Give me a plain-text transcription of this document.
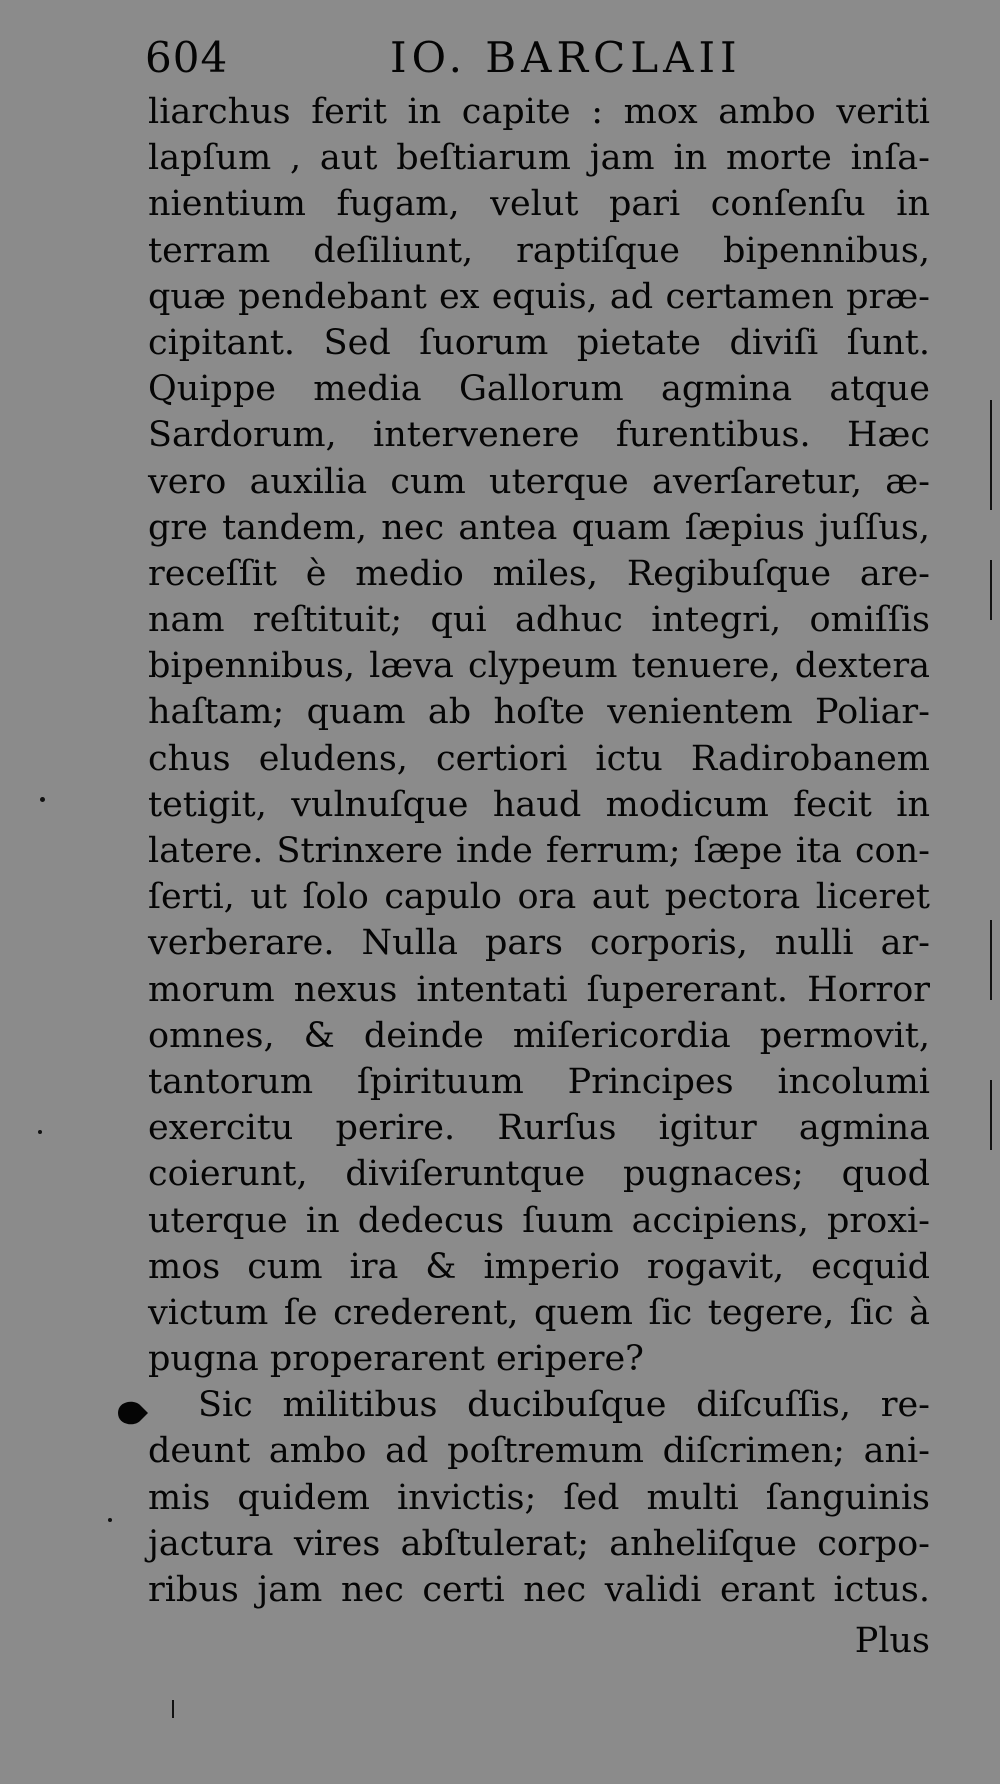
604	IO. BARCLAII
liarchus ferit in capite : mox ambo veriti
lapſum , aut beſtiarum jam in morte inſa-
nientium fugam, velut pari conſenſu in
terram deſiliunt, raptiſque bipennibus,
quæ pendebant ex equis, ad certamen præ-
cipitant. Sed ſuorum pietate diviſi ſunt.
Quippe media Gallorum agmina atque
Sardorum, intervenere furentibus. Hæc
vero auxilia cum uterque averſaretur, æ-
gre tandem, nec antea quam ſæpius juſſus,
receſſit è medio miles, Regibuſque are-
nam reſtituit; qui adhuc integri, omiſſis
bipennibus, læva clypeum tenuere, dextera
haſtam; quam ab hoſte venientem Poliar-
chus eludens, certiori ictu Radirobanem
tetigit, vulnuſque haud modicum fecit in
latere. Strinxere inde ferrum; ſæpe ita con-
ſerti, ut ſolo capulo ora aut pectora liceret
verberare. Nulla pars corporis, nulli ar-
morum nexus intentati ſupererant. Horror
omnes, & deinde miſericordia permovit,
tantorum ſpirituum Principes incolumi
exercitu perire. Rurſus igitur agmina
coierunt, diviſeruntque pugnaces; quod
uterque in dedecus ſuum accipiens, proxi-
mos cum ira & imperio rogavit, ecquid
victum ſe crederent, quem ſic tegere, ſic à
pugna properarent eripere?
Sic militibus ducibuſque diſcuſſis, re-
deunt ambo ad poſtremum diſcrimen; ani-
mis quidem invictis; ſed multi ſanguinis
jactura vires abſtulerat; anheliſque corpo-
ribus jam nec certi nec validi erant ictus.
Plus
